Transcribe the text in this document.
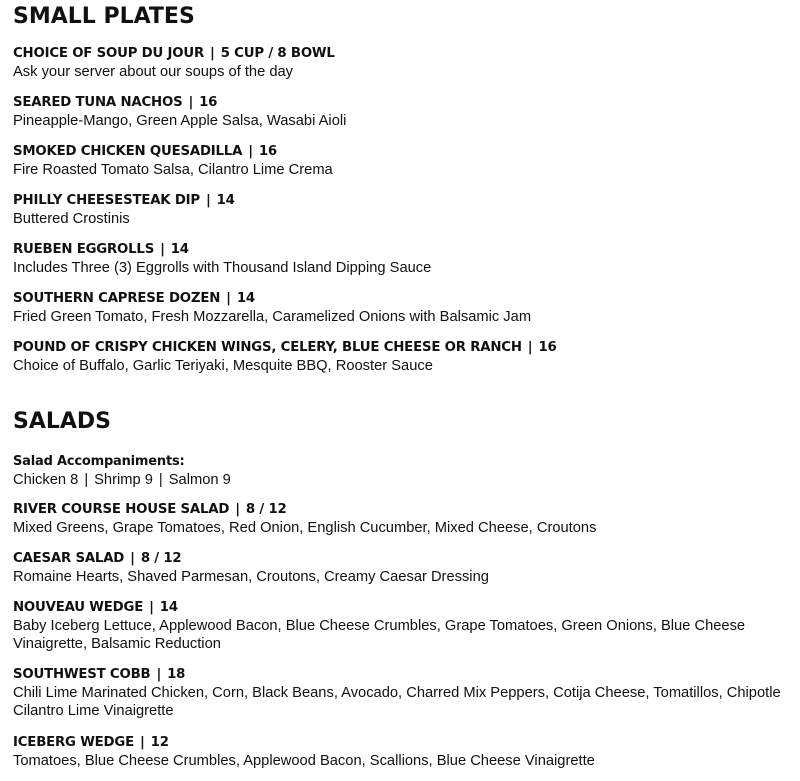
SMALL PLATES
CHOICE OF SOUP DU JOUR | 5 CUP / 8 BOWL
Ask your server about our soups of the day
SEARED TUNA NACHOS | 16
Pineapple-Mango, Green Apple Salsa, Wasabi Aioli
SMOKED CHICKEN QUESADILLA | 16
Fire Roasted Tomato Salsa, Cilantro Lime Crema
PHILLY CHEESESTEAK DIP | 14
Buttered Crostinis
RUEBEN EGGROLLS | 14
Includes Three (3) Eggrolls with Thousand Island Dipping Sauce
SOUTHERN CAPRESE DOZEN | 14
Fried Green Tomato, Fresh Mozzarella, Caramelized Onions with Balsamic Jam
POUND OF CRISPY CHICKEN WINGS, CELERY, BLUE CHEESE OR RANCH | 16
Choice of Buffalo, Garlic Teriyaki, Mesquite BBQ, Rooster Sauce
SALADS
Salad Accompaniments:
Chicken 8 | Shrimp 9 | Salmon 9
RIVER COURSE HOUSE SALAD | 8 / 12
Mixed Greens, Grape Tomatoes, Red Onion, English Cucumber, Mixed Cheese, Croutons
CAESAR SALAD | 8 / 12
Romaine Hearts, Shaved Parmesan, Croutons, Creamy Caesar Dressing
NOUVEAU WEDGE | 14
Baby Iceberg Lettuce, Applewood Bacon, Blue Cheese Crumbles, Grape Tomatoes, Green Onions, Blue Cheese Vinaigrette, Balsamic Reduction
SOUTHWEST COBB | 18
Chili Lime Marinated Chicken, Corn, Black Beans, Avocado, Charred Mix Peppers, Cotija Cheese, Tomatillos, Chipotle Cilantro Lime Vinaigrette
ICEBERG WEDGE | 12
Tomatoes, Blue Cheese Crumbles, Applewood Bacon, Scallions, Blue Cheese Vinaigrette
